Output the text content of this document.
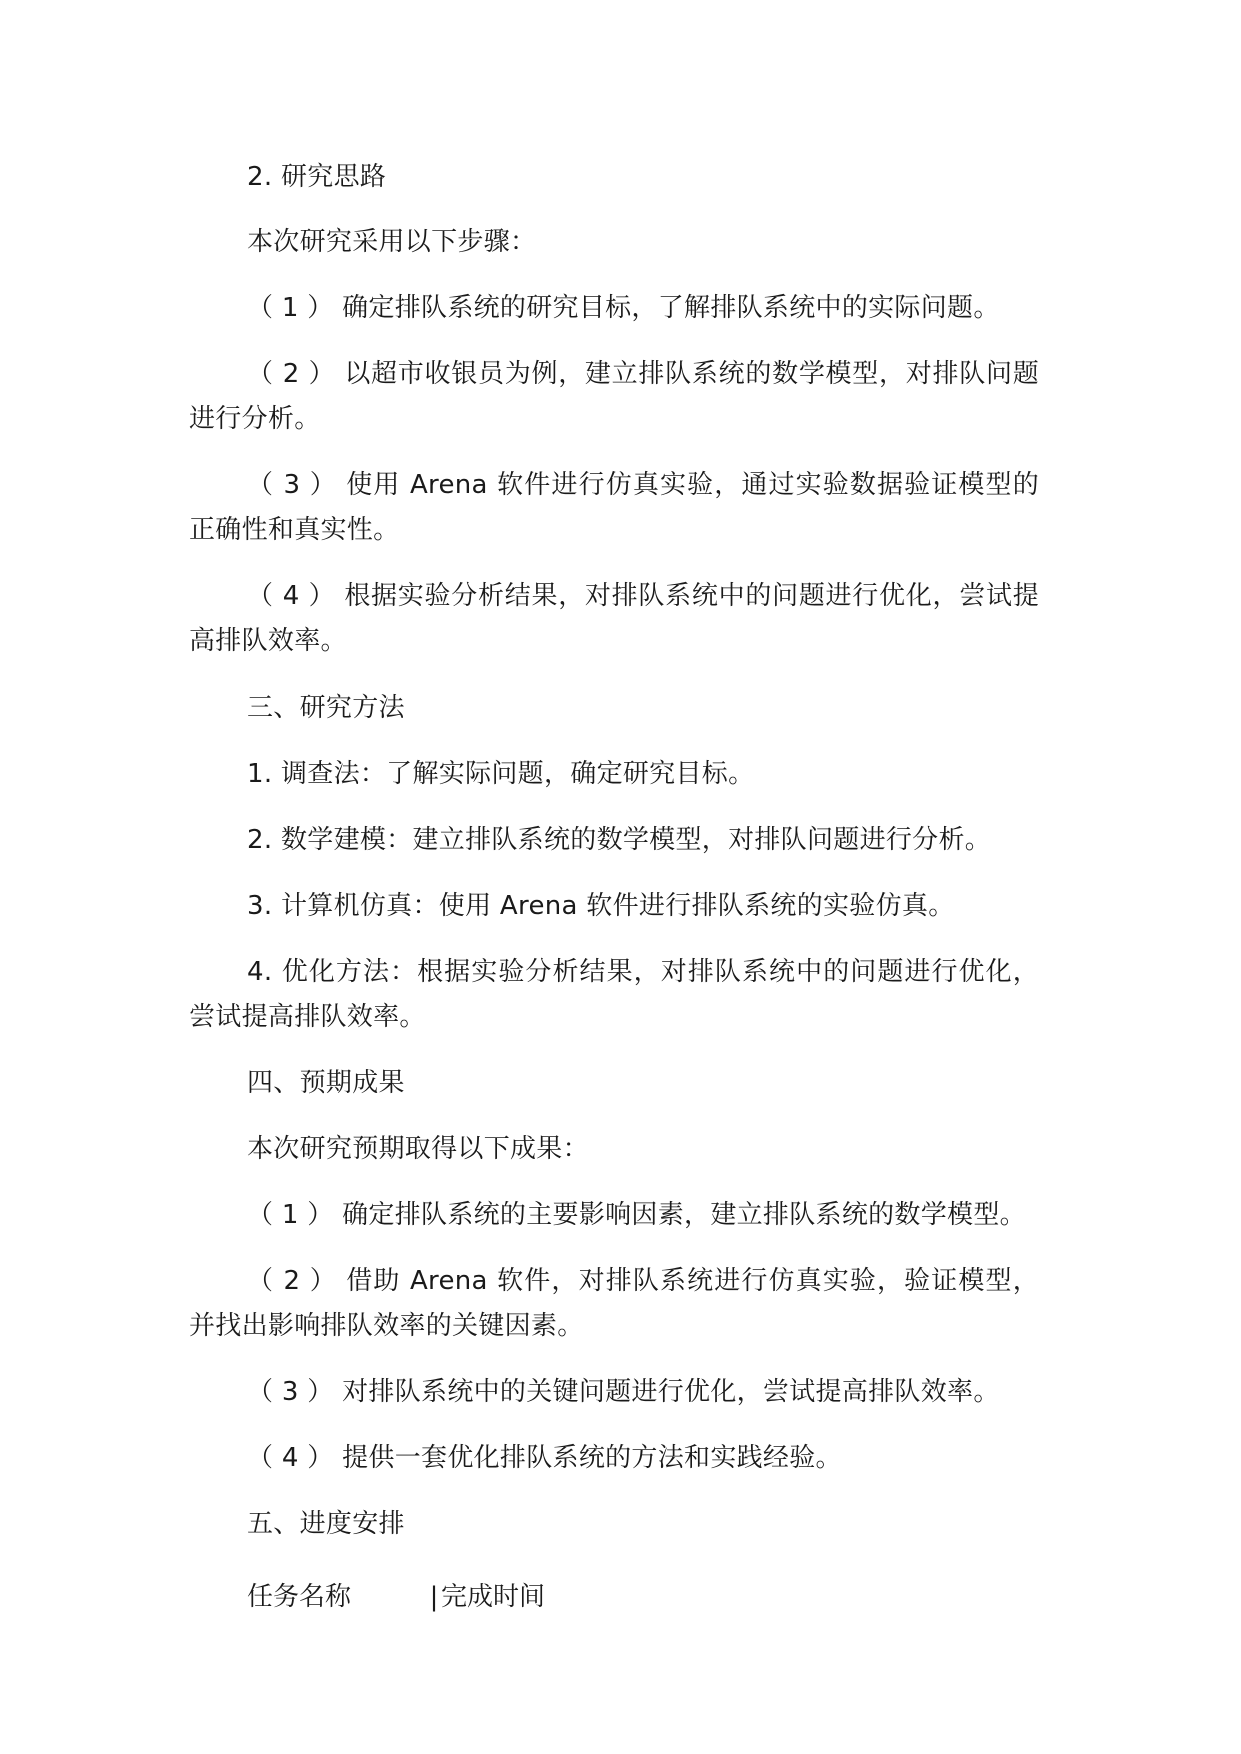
2. 研究思路
本次研究采用以下步骤：
（ 1 ） 确定排队系统的研究目标，了解排队系统中的实际问题。
（ 2 ） 以超市收银员为例，建立排队系统的数学模型，对排队问题进行分析。
（ 3 ） 使用 Arena 软件进行仿真实验，通过实验数据验证模型的正确性和真实性。
（ 4 ） 根据实验分析结果，对排队系统中的问题进行优化，尝试提高排队效率。
三、研究方法
1. 调查法：了解实际问题，确定研究目标。
2. 数学建模：建立排队系统的数学模型，对排队问题进行分析。
3. 计算机仿真：使用 Arena 软件进行排队系统的实验仿真。
4. 优化方法：根据实验分析结果，对排队系统中的问题进行优化，尝试提高排队效率。
四、预期成果
本次研究预期取得以下成果：
（ 1 ） 确定排队系统的主要影响因素，建立排队系统的数学模型。
（ 2 ） 借助 Arena 软件，对排队系统进行仿真实验，验证模型，并找出影响排队效率的关键因素。
（ 3 ） 对排队系统中的关键问题进行优化，尝试提高排队效率。
（ 4 ） 提供一套优化排队系统的方法和实践经验。
五、进度安排
任务名称	| 完成时间
